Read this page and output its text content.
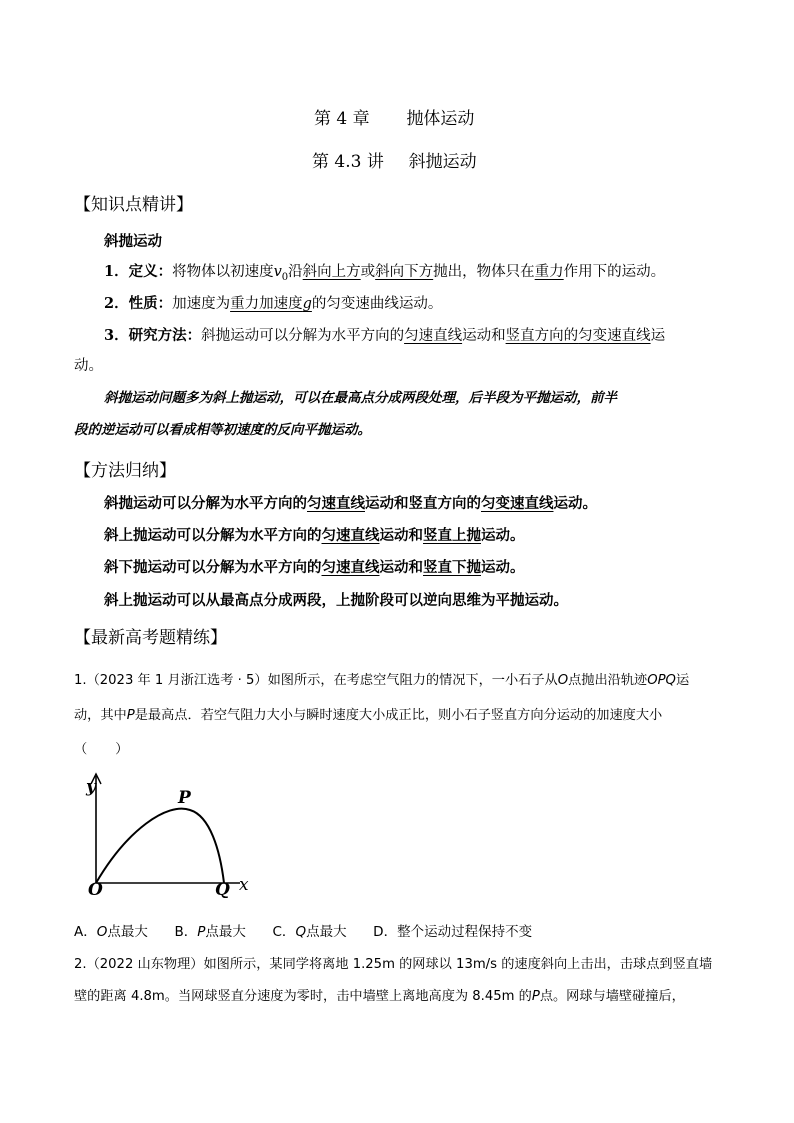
第 4 章 抛体运动
第 4.3 讲 斜抛运动
【知识点精讲】
斜抛运动
1．定义：将物体以初速度$v_0$沿斜向上方或斜向下方抛出，物体只在重力作用下的运动。
2．性质：加速度为重力加速度g的匀变速曲线运动。
3．研究方法：斜抛运动可以分解为水平方向的匀速直线运动和竖直方向的匀变速直线运
动。
斜抛运动问题多为斜上抛运动，可以在最高点分成两段处理，后半段为平抛运动，前半
段的逆运动可以看成相等初速度的反向平抛运动。
【方法归纳】
斜抛运动可以分解为水平方向的匀速直线运动和竖直方向的匀变速直线运动。
斜上抛运动可以分解为水平方向的匀速直线运动和竖直上抛运动。
斜下抛运动可以分解为水平方向的匀速直线运动和竖直下抛运动。
斜上抛运动可以从最高点分成两段，上抛阶段可以逆向思维为平抛运动。
【最新高考题精练】
1.（2023 年 1 月浙江选考 · 5）如图所示，在考虑空气阻力的情况下，一小石子从O点抛出沿轨迹OPQ运
动，其中P是最高点．若空气阻力大小与瞬时速度大小成正比，则小石子竖直方向分运动的加速度大小
（ ）
y
P
O	Q x
A．O点最大 B．P点最大 C．Q点最大 D．整个运动过程保持不变
2.（2022 山东物理）如图所示，某同学将离地 1.25m 的网球以 13m/s 的速度斜向上击出，击球点到竖直墙
壁的距离 4.8m。当网球竖直分速度为零时，击中墙壁上离地高度为 8.45m 的P点。网球与墙壁碰撞后，
